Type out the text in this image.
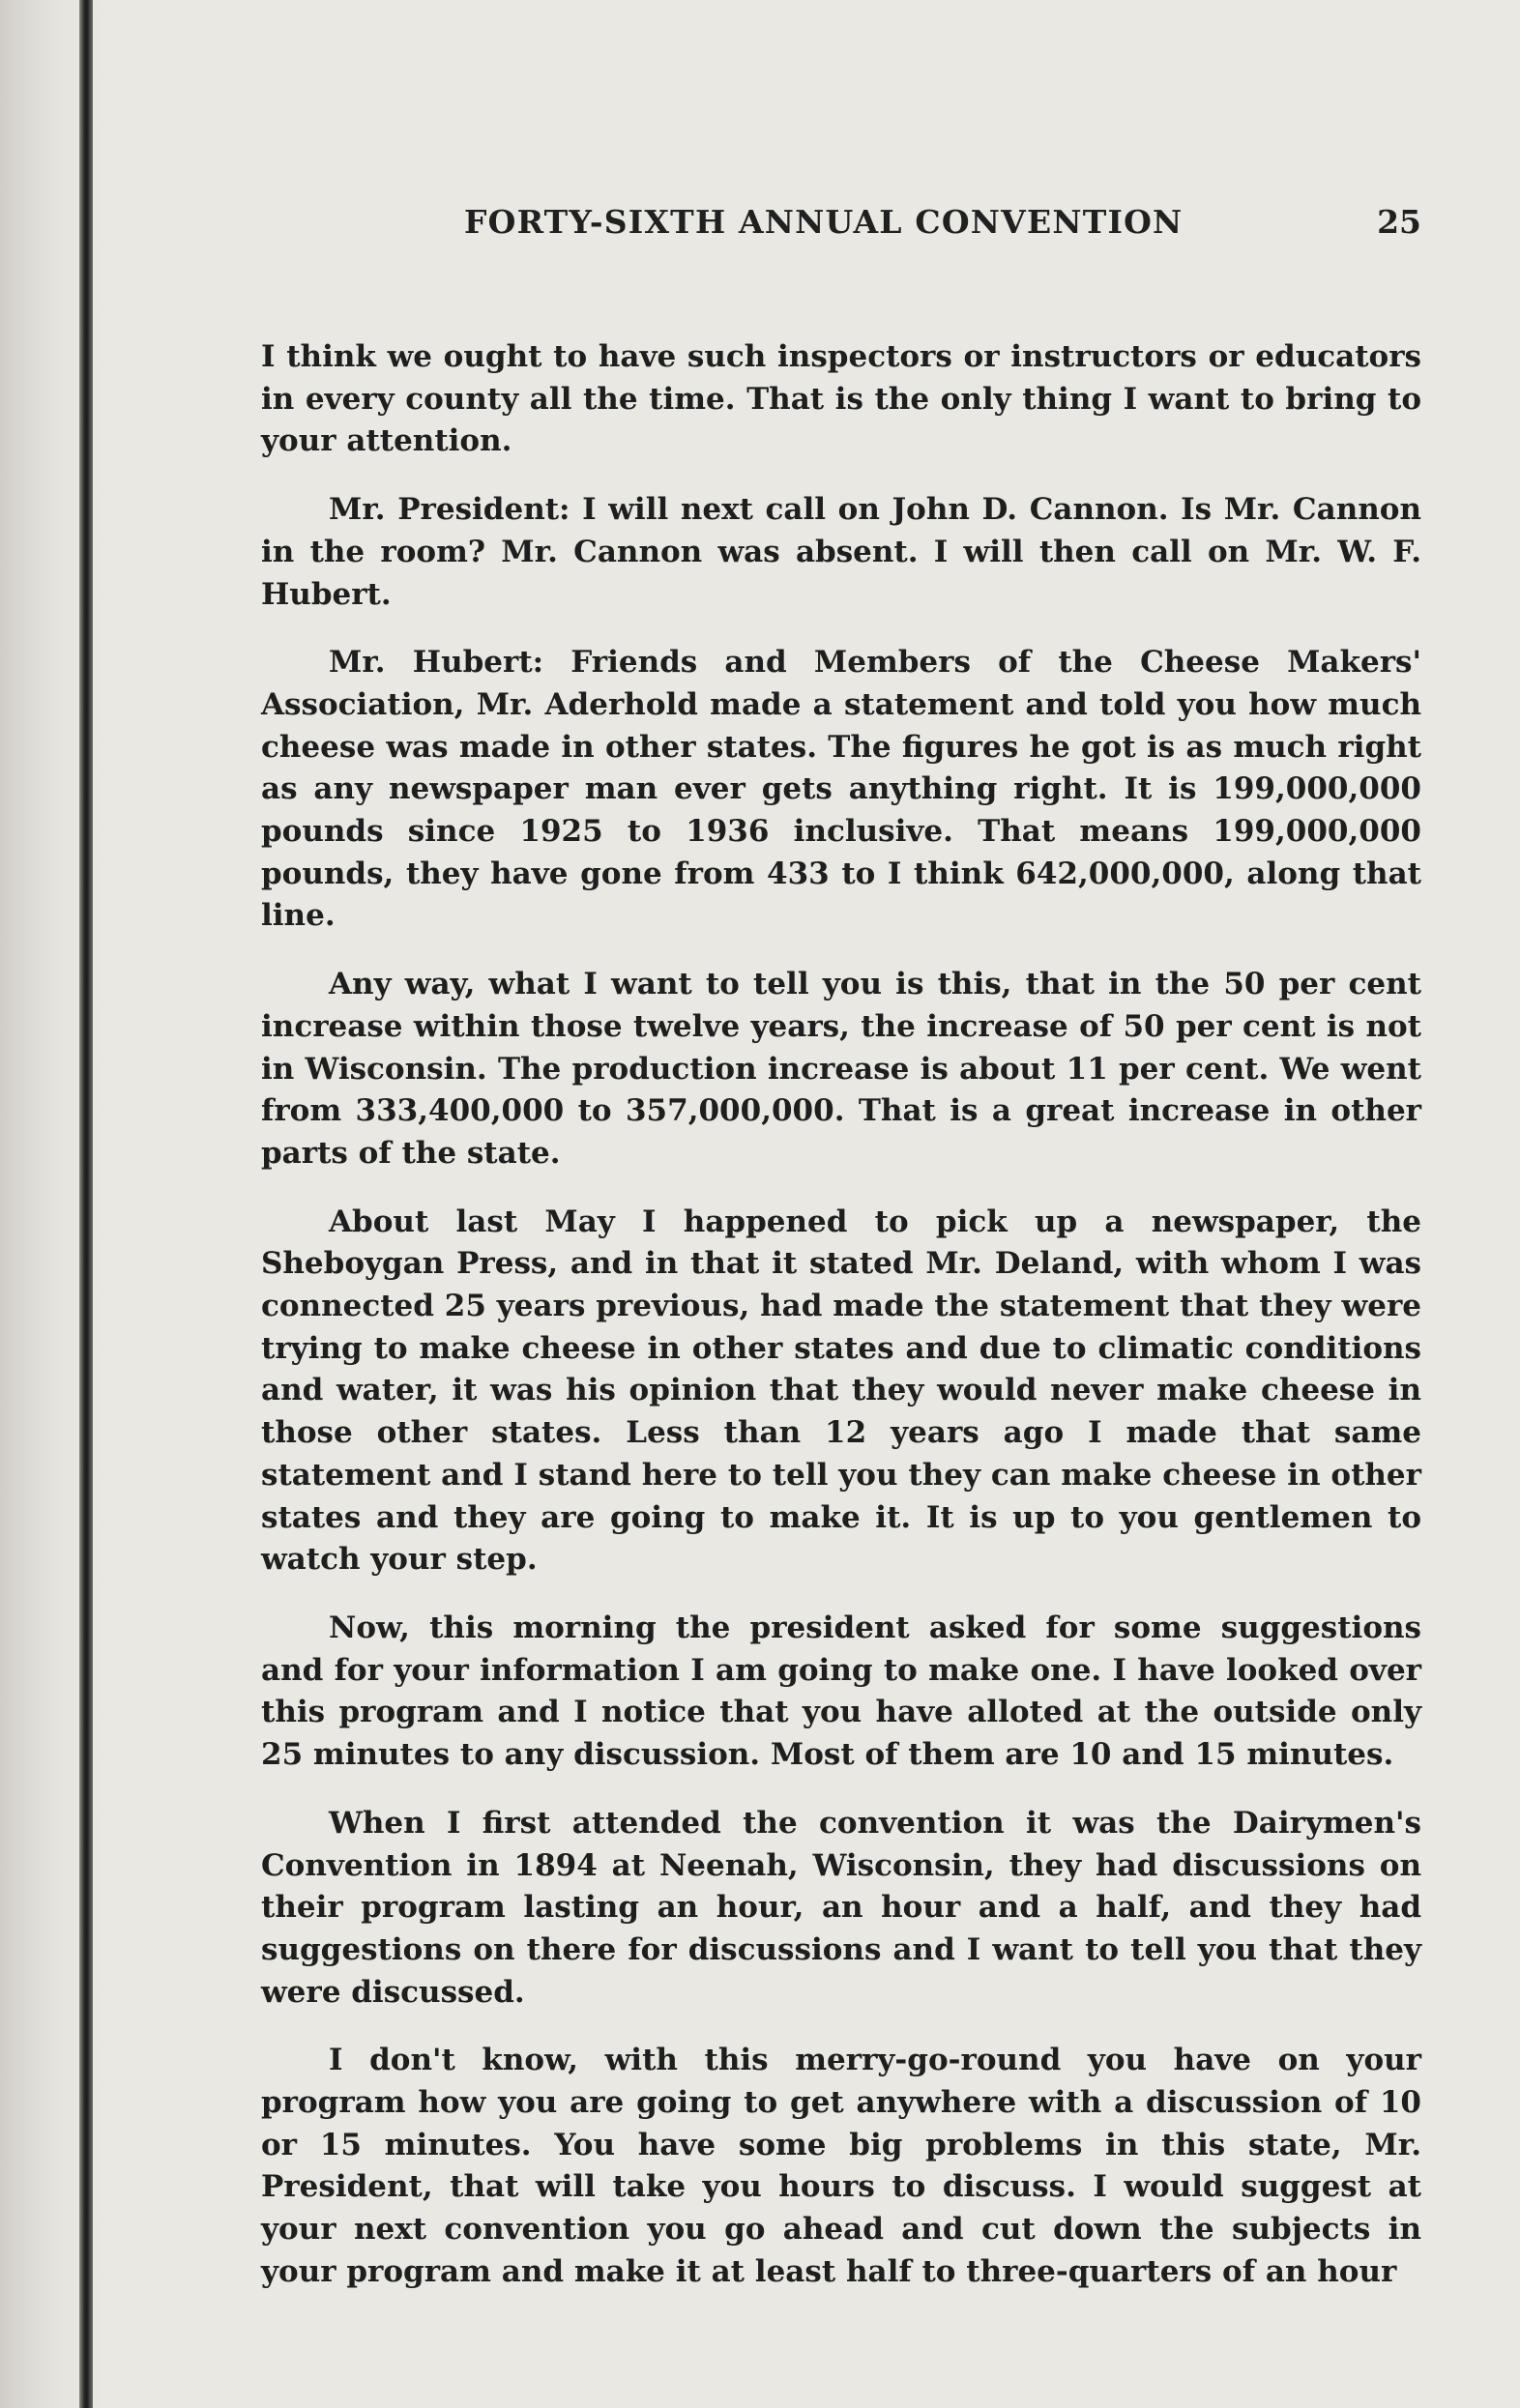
FORTY-SIXTH ANNUAL CONVENTION	25

I think we ought to have such inspectors or instructors or educators in every county all the time. That is the only thing I want to bring to your attention.

Mr. President: I will next call on John D. Cannon. Is Mr. Cannon in the room? Mr. Cannon was absent. I will then call on Mr. W. F. Hubert.

Mr. Hubert: Friends and Members of the Cheese Makers' Association, Mr. Aderhold made a statement and told you how much cheese was made in other states. The figures he got is as much right as any newspaper man ever gets anything right. It is 199,000,000 pounds since 1925 to 1936 inclusive. That means 199,000,000 pounds, they have gone from 433 to I think 642,000,000, along that line.

Any way, what I want to tell you is this, that in the 50 per cent increase within those twelve years, the increase of 50 per cent is not in Wisconsin. The production increase is about 11 per cent. We went from 333,400,000 to 357,000,000. That is a great increase in other parts of the state.

About last May I happened to pick up a newspaper, the Sheboygan Press, and in that it stated Mr. Deland, with whom I was connected 25 years previous, had made the statement that they were trying to make cheese in other states and due to climatic conditions and water, it was his opinion that they would never make cheese in those other states. Less than 12 years ago I made that same statement and I stand here to tell you they can make cheese in other states and they are going to make it. It is up to you gentlemen to watch your step.

Now, this morning the president asked for some suggestions and for your information I am going to make one. I have looked over this program and I notice that you have alloted at the outside only 25 minutes to any discussion. Most of them are 10 and 15 minutes.

When I first attended the convention it was the Dairymen's Convention in 1894 at Neenah, Wisconsin, they had discussions on their program lasting an hour, an hour and a half, and they had suggestions on there for discussions and I want to tell you that they were discussed.

I don't know, with this merry-go-round you have on your program how you are going to get anywhere with a discussion of 10 or 15 minutes. You have some big problems in this state, Mr. President, that will take you hours to discuss. I would suggest at your next convention you go ahead and cut down the subjects in your program and make it at least half to three-quarters of an hour
